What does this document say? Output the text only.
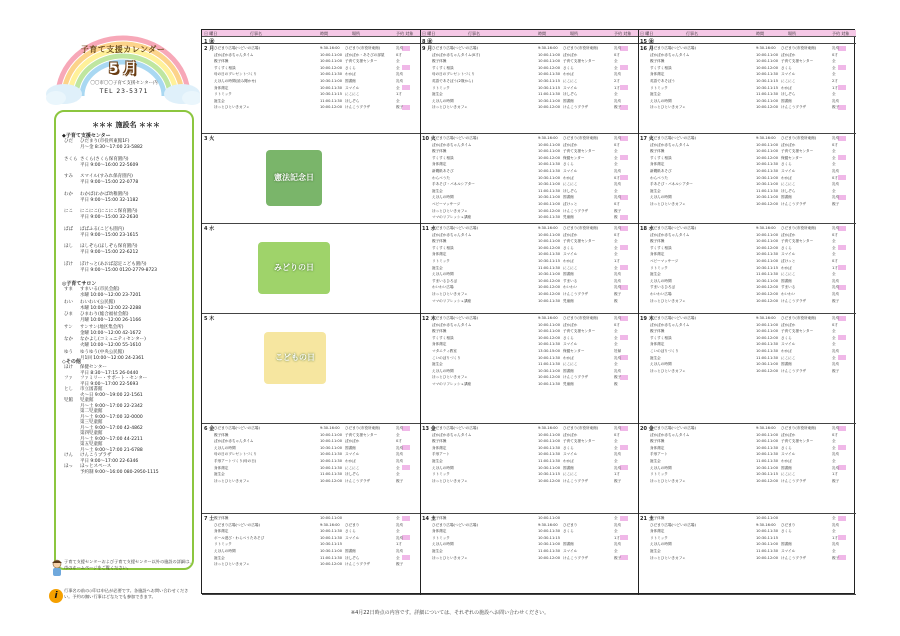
子育て支援カレンダー
5 月
〇〇市〇〇子育て支援センター内
TEL 23-5371
＊＊＊ 施設名 ＊＊＊
◆子育て支援センター
◎子育てサロン
◇その他
ひだ	ひだまり(市役所東館1F)
月〜金 8:30〜17:00 23-5882
さくら さくら(さくら保育園内)
平日 9:00〜16:00 22-5609
すみ	スマイル(すみれ保育園内)
平日 9:00〜15:00 22-0778
わか	わかば(わかば幼稚園内)
平日 9:00〜15:00 32-1182
にこ	にこにこ(にこにこ保育園内)
平日 9:00〜15:00 32-2630
ぱぱ	ぱぱふる(こども園内)
平日 9:00〜15:00 23-1615
ほし	ほしぞら(ほしぞら保育園内)
平日 9:00〜15:00 22-6212
ぽけ	ぽけっと(あおば認定こども園内)
平日 9:00〜15:00 0120-2779-8723
すま	すまいる(市民会館)
水曜 10:00〜12:00 23-7201
わい	わいわい(公民館)
木曜 10:00〜12:00 22-2288
ひま	ひまわり(総合福祉会館)
月曜 10:00〜12:00 26-1166
サン	サンサン(地区集会所)
金曜 10:00〜12:00 42-1672
なか	なかよし(コミュニティセンター)
火曜 10:00〜12:00 55-1610
ゆう	ゆうゆう(中央公民館)
月1回 10:00〜12:00 24-2361
ほけ	保健センター
平日 8:30〜17:15 26-0440
ファ	ファミリー・サポート・センター
平日 9:00〜17:00 22-5693
とし	市立図書館
火〜日 9:00〜19:00 22-1561
児館	児童館
月〜土 9:00〜17:00 22-2342
第二児童館
月〜土 9:00〜17:00 32-0000
第三児童館
月〜土 9:00〜17:00 42-4862
第四児童館
月〜土 9:00〜17:00 44-2211
第五児童館
月〜土 9:00〜17:00 21-6788
けん	けんこうプラザ
平日 9:00〜17:00 22-6346
ほっ	ほっとスペース
予約制 9:00〜16:00 080-2950-1115
子育て支援センターおよび子育て支援センター以外の施設の詳細は、市のホームページをご覧ください。
i
行事名の前の◇印は申込が必要です。各施設へお問い合わせください。予約の無い行事はどなたでも参加できます。
日 曜日	行事名	時間	場所	予約 対象
1 ㊎
2 月 ひだまり広場(つどいの広場)	9:30-16:00	ひだまり(市役所東館)	乳幼
ぽかぽか赤ちゃんタイム	10:00-11:00 ぽかぽか・あそびの部屋	0才
親子体操	10:00-11:00 子育て支援センター	全
すくすく相談	10:00-12:00 さくら	全
母の日のプレゼントづくり	10:00-11:30 わかば	乳幼
えほんの時間(読み聞かせ)	10:30-11:00 図書館	乳幼
身体測定	10:00-11:30 スマイル	全
リトミック	10:30-11:15 にこにこ	1才
誕生会	11:00-11:30 ほしぞら	全
ほっとひといきカフェ	10:00-12:00 けんこうプラザ	親子
3 火
4 水
5 木
6 金 ひだまり広場(つどいの広場)	9:30-16:00	ひだまり(市役所東館)	乳幼
親子体操	10:00-11:00 子育て支援センター	全
ぽかぽか赤ちゃんタイム	10:00-11:00 ぽかぽか	0才
えほんの時間	10:30-11:00 図書館	乳幼
母の日のプレゼントづくり	10:00-11:30 スマイル	乳幼
手形アートづくり(母の日)	10:00-11:30 わかば	乳幼
身体測定	10:00-11:30 にこにこ	全
誕生会	11:00-11:30 ほしぞら	全
ほっとひといきカフェ	10:00-12:00 けんこうプラザ	親子
7 土 親子体操	10:00-11:00	全
ひだまり広場(つどいの広場)	9:30-16:00	ひだまり	乳幼
身体測定	10:00-11:30 さくら	全
ボール遊び・わらべうたあそび	10:00-11:30 スマイル	乳幼
リトミック	10:30-11:15	1才
えほんの時間	10:30-11:00 図書館	乳幼
誕生会	11:00-11:30 ほしぞら	全
ほっとひといきカフェ	10:00-12:00 けんこうプラザ	親子
日 曜日	行事名	時間	場所	予約 対象
8 ㊎
9 月 ひだまり広場(つどいの広場)	9:30-16:00	ひだまり(市役所東館)	乳幼
ぽかぽか赤ちゃんタイム(0才)	10:00-11:00 ぽかぽか	0才
親子体操	10:00-11:00 子育て支援センター	全
すくすく相談	10:00-12:00 さくら	全
母の日のプレゼントづくり	10:00-11:30 わかば	乳幼
英語であそぼう(2歳から)	10:30-11:15 にこにこ	2才
リトミック	10:30-11:15 スマイル	1才
誕生会	11:00-11:30 ほしぞら	全
えほんの時間	10:30-11:00 図書館	乳幼
ほっとひといきカフェ	10:00-12:00 けんこうプラザ	親子
10 火
ひだまり広場(つどいの広場)	9:30-16:00	ひだまり(市役所東館)	乳幼
ぽかぽか赤ちゃんタイム	10:00-11:00 ぽかぽか	0才
親子体操	10:00-11:00 子育て支援センター	全
すくすく相談	10:00-12:00 保健センター	全
身体測定	10:00-11:30 さくら	全
新聞紙あそび	10:00-11:30 スマイル	乳幼
わらべうた	10:30-11:00 わかば	0才
手あそび・パネルシアター	10:30-11:00 にこにこ	乳幼
誕生会	11:00-11:30 ほしぞら	全
えほんの時間	10:30-11:00 図書館	乳幼
ベビーマッサージ	10:00-11:00 ぽけっと	0才
ほっとひといきカフェ	10:00-12:00 けんこうプラザ	親子
ママのリフレッシュ講座	10:00-11:30 児童館	親
11 水
ひだまり広場(つどいの広場)	9:30-16:00	ひだまり(市役所東館)	乳幼
ぽかぽか赤ちゃんタイム	10:00-11:00 ぽかぽか	0才
親子体操	10:00-11:00 子育て支援センター	全
すくすく相談	10:00-12:00 さくら	全
身体測定	10:00-11:30 スマイル	全
リトミック	10:30-11:15 わかば	1才
誕生会	11:00-11:30 にこにこ	全
えほんの時間	10:30-11:00 図書館	乳幼
すまいるひろば	10:00-12:00 すまいる	乳幼
わいわい広場	10:00-12:00 わいわい	乳幼
ほっとひといきカフェ	10:00-12:00 けんこうプラザ	親子
ママのリフレッシュ講座	10:00-11:30 児童館	親
12 木
ひだまり広場(つどいの広場)	9:30-16:00	ひだまり(市役所東館)	乳幼
ぽかぽか赤ちゃんタイム	10:00-11:00 ぽかぽか	0才
親子体操	10:00-11:00 子育て支援センター	全
すくすく相談	10:00-12:00 さくら	全
身体測定	10:00-11:30 スマイル	全
マタニティ教室	13:30-15:00 保健センター	妊婦
こいのぼりづくり	10:00-11:30 わかば	乳幼
誕生会	11:00-11:30 にこにこ	全
えほんの時間	10:30-11:00 図書館	乳幼
ほっとひといきカフェ	10:00-12:00 けんこうプラザ	親子
ママのリフレッシュ講座	10:00-11:30 児童館	親
13 金
ひだまり広場(つどいの広場)	9:30-16:00	ひだまり(市役所東館)	乳幼
ぽかぽか赤ちゃんタイム	10:00-11:00 ぽかぽか	0才
親子体操	10:00-11:00 子育て支援センター	全
身体測定	10:00-11:30 さくら	全
手形アート	10:00-11:30 スマイル	乳幼
誕生会	11:00-11:30 わかば	全
えほんの時間	10:30-11:00 図書館	乳幼
リトミック	10:30-11:15 にこにこ	1才
ほっとひといきカフェ	10:00-12:00 けんこうプラザ	親子
14 土
親子体操	10:00-11:00	全
ひだまり広場(つどいの広場)	9:30-16:00	ひだまり	乳幼
身体測定	10:00-11:30 さくら	全
リトミック	10:30-11:15	1才
えほんの時間	10:30-11:00 図書館	乳幼
誕生会	11:00-11:30 スマイル	全
ほっとひといきカフェ	10:00-12:00 けんこうプラザ	親子
日 曜日	行事名	時間	場所	予約 対象
15 ㊎
16 月
ひだまり広場(つどいの広場)	9:30-16:00	ひだまり(市役所東館)	乳幼
ぽかぽか赤ちゃんタイム	10:00-11:00 ぽかぽか	0才
親子体操	10:00-11:00 子育て支援センター	全
すくすく相談	10:00-12:00 さくら	全
身体測定	10:00-11:30 スマイル	全
英語であそぼう	10:30-11:15 にこにこ	2才
リトミック	10:30-11:15 わかば	1才
誕生会	11:00-11:30 ほしぞら	全
えほんの時間	10:30-11:00 図書館	乳幼
ほっとひといきカフェ	10:00-12:00 けんこうプラザ	親子
17 火
ひだまり広場(つどいの広場)	9:30-16:00	ひだまり(市役所東館)	乳幼
ぽかぽか赤ちゃんタイム	10:00-11:00 ぽかぽか	0才
親子体操	10:00-11:00 子育て支援センター	全
すくすく相談	10:00-12:00 保健センター	全
身体測定	10:00-11:30 さくら	全
新聞紙あそび	10:00-11:30 スマイル	乳幼
わらべうた	10:30-11:00 わかば	0才
手あそび・パネルシアター	10:30-11:00 にこにこ	乳幼
誕生会	11:00-11:30 ほしぞら	全
えほんの時間	10:30-11:00 図書館	乳幼
ほっとひといきカフェ	10:00-12:00 けんこうプラザ	親子
18 水
ひだまり広場(つどいの広場)	9:30-16:00	ひだまり(市役所東館)	乳幼
ぽかぽか赤ちゃんタイム	10:00-11:00 ぽかぽか	0才
親子体操	10:00-11:00 子育て支援センター	全
すくすく相談	10:00-12:00 さくら	全
身体測定	10:00-11:30 スマイル	全
ベビーマッサージ	10:00-11:00 ぽけっと	0才
リトミック	10:30-11:15 わかば	1才
誕生会	11:00-11:30 にこにこ	全
えほんの時間	10:30-11:00 図書館	乳幼
すまいるひろば	10:00-12:00 すまいる	乳幼
わいわい広場	10:00-12:00 わいわい	乳幼
ほっとひといきカフェ	10:00-12:00 けんこうプラザ	親子
19 木
ひだまり広場(つどいの広場)	9:30-16:00	ひだまり(市役所東館)	乳幼
ぽかぽか赤ちゃんタイム	10:00-11:00 ぽかぽか	0才
親子体操	10:00-11:00 子育て支援センター	全
すくすく相談	10:00-12:00 さくら	全
身体測定	10:00-11:30 スマイル	全
こいのぼりづくり	10:00-11:30 わかば	乳幼
誕生会	11:00-11:30 にこにこ	全
えほんの時間	10:30-11:00 図書館	乳幼
ほっとひといきカフェ	10:00-12:00 けんこうプラザ	親子
20 金
ひだまり広場(つどいの広場)	9:30-16:00	ひだまり(市役所東館)	乳幼
ぽかぽか赤ちゃんタイム	10:00-11:00 ぽかぽか	0才
親子体操	10:00-11:00 子育て支援センター	全
身体測定	10:00-11:30 さくら	全
手形アート	10:00-11:30 スマイル	乳幼
誕生会	11:00-11:30 わかば	全
えほんの時間	10:30-11:00 図書館	乳幼
リトミック	10:30-11:15 にこにこ	1才
ほっとひといきカフェ	10:00-12:00 けんこうプラザ	親子
21 土
親子体操	10:00-11:00	全
ひだまり広場(つどいの広場)	9:30-16:00	ひだまり	乳幼
身体測定	10:00-11:30 さくら	全
リトミック	10:30-11:15	1才
えほんの時間	10:30-11:00 図書館	乳幼
誕生会	11:00-11:30 スマイル	全
ほっとひといきカフェ	10:00-12:00 けんこうプラザ	親子
憲法記念日
みどりの日
こどもの日
※4月22日時点の内容です。詳細については、それぞれの施設へお問い合わせください。
